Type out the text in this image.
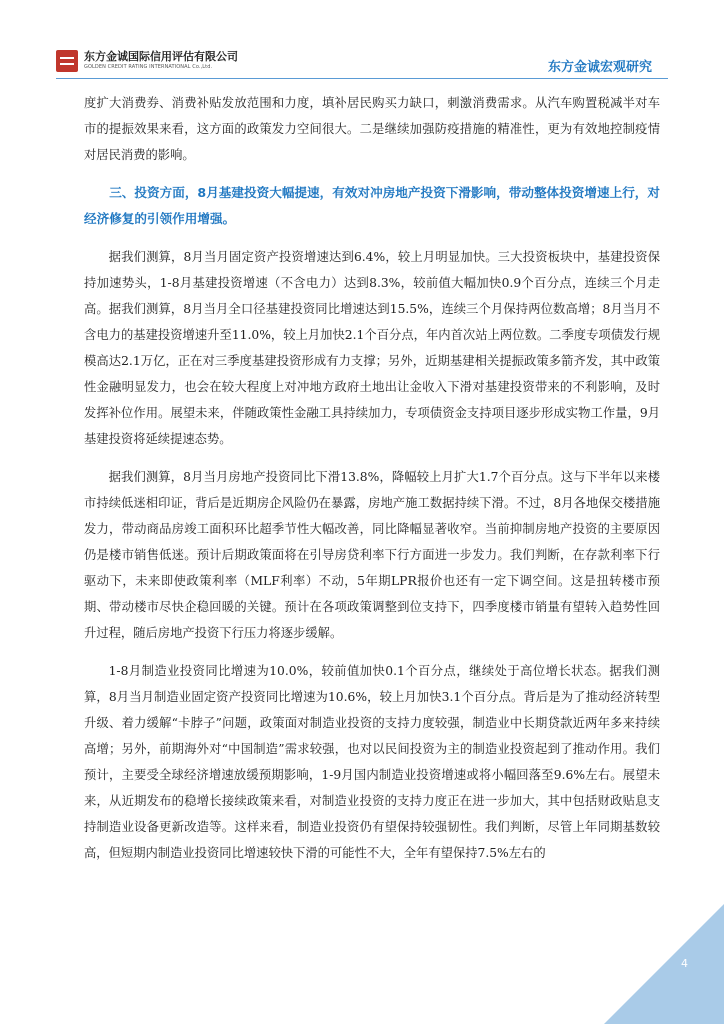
东方金诚国际信用评估有限公司
GOLDEN CREDIT RATING INTERNATIONAL Co.,Ltd.	东方金诚宏观研究

度扩大消费券、消费补贴发放范围和力度，填补居民购买力缺口，刺激消费需求。从汽车购置税减半对车市的提振效果来看，这方面的政策发力空间很大。二是继续加强防疫措施的精准性，更为有效地控制疫情对居民消费的影响。

三、投资方面，8月基建投资大幅提速，有效对冲房地产投资下滑影响，带动整体投资增速上行，对经济修复的引领作用增强。

据我们测算，8月当月固定资产投资增速达到6.4%，较上月明显加快。三大投资板块中，基建投资保持加速势头，1-8月基建投资增速（不含电力）达到8.3%，较前值大幅加快0.9个百分点，连续三个月走高。据我们测算，8月当月全口径基建投资同比增速达到15.5%，连续三个月保持两位数高增；8月当月不含电力的基建投资增速升至11.0%，较上月加快2.1个百分点，年内首次站上两位数。二季度专项债发行规模高达2.1万亿，正在对三季度基建投资形成有力支撑；另外，近期基建相关提振政策多箭齐发，其中政策性金融明显发力，也会在较大程度上对冲地方政府土地出让金收入下滑对基建投资带来的不利影响，及时发挥补位作用。展望未来，伴随政策性金融工具持续加力，专项债资金支持项目逐步形成实物工作量，9月基建投资将延续提速态势。

据我们测算，8月当月房地产投资同比下滑13.8%，降幅较上月扩大1.7个百分点。这与下半年以来楼市持续低迷相印证，背后是近期房企风险仍在暴露，房地产施工数据持续下滑。不过，8月各地保交楼措施发力，带动商品房竣工面积环比超季节性大幅改善，同比降幅显著收窄。当前抑制房地产投资的主要原因仍是楼市销售低迷。预计后期政策面将在引导房贷利率下行方面进一步发力。我们判断，在存款利率下行驱动下，未来即使政策利率（MLF利率）不动，5年期LPR报价也还有一定下调空间。这是扭转楼市预期、带动楼市尽快企稳回暖的关键。预计在各项政策调整到位支持下，四季度楼市销量有望转入趋势性回升过程，随后房地产投资下行压力将逐步缓解。

1-8月制造业投资同比增速为10.0%，较前值加快0.1个百分点，继续处于高位增长状态。据我们测算，8月当月制造业固定资产投资同比增速为10.6%，较上月加快3.1个百分点。背后是为了推动经济转型升级、着力缓解“卡脖子”问题，政策面对制造业投资的支持力度较强，制造业中长期贷款近两年多来持续高增；另外，前期海外对“中国制造”需求较强，也对以民间投资为主的制造业投资起到了推动作用。我们预计，主要受全球经济增速放缓预期影响，1-9月国内制造业投资增速或将小幅回落至9.6%左右。展望未来，从近期发布的稳增长接续政策来看，对制造业投资的支持力度正在进一步加大，其中包括财政贴息支持制造业设备更新改造等。这样来看，制造业投资仍有望保持较强韧性。我们判断，尽管上年同期基数较高，但短期内制造业投资同比增速较快下滑的可能性不大，全年有望保持7.5%左右的

4
